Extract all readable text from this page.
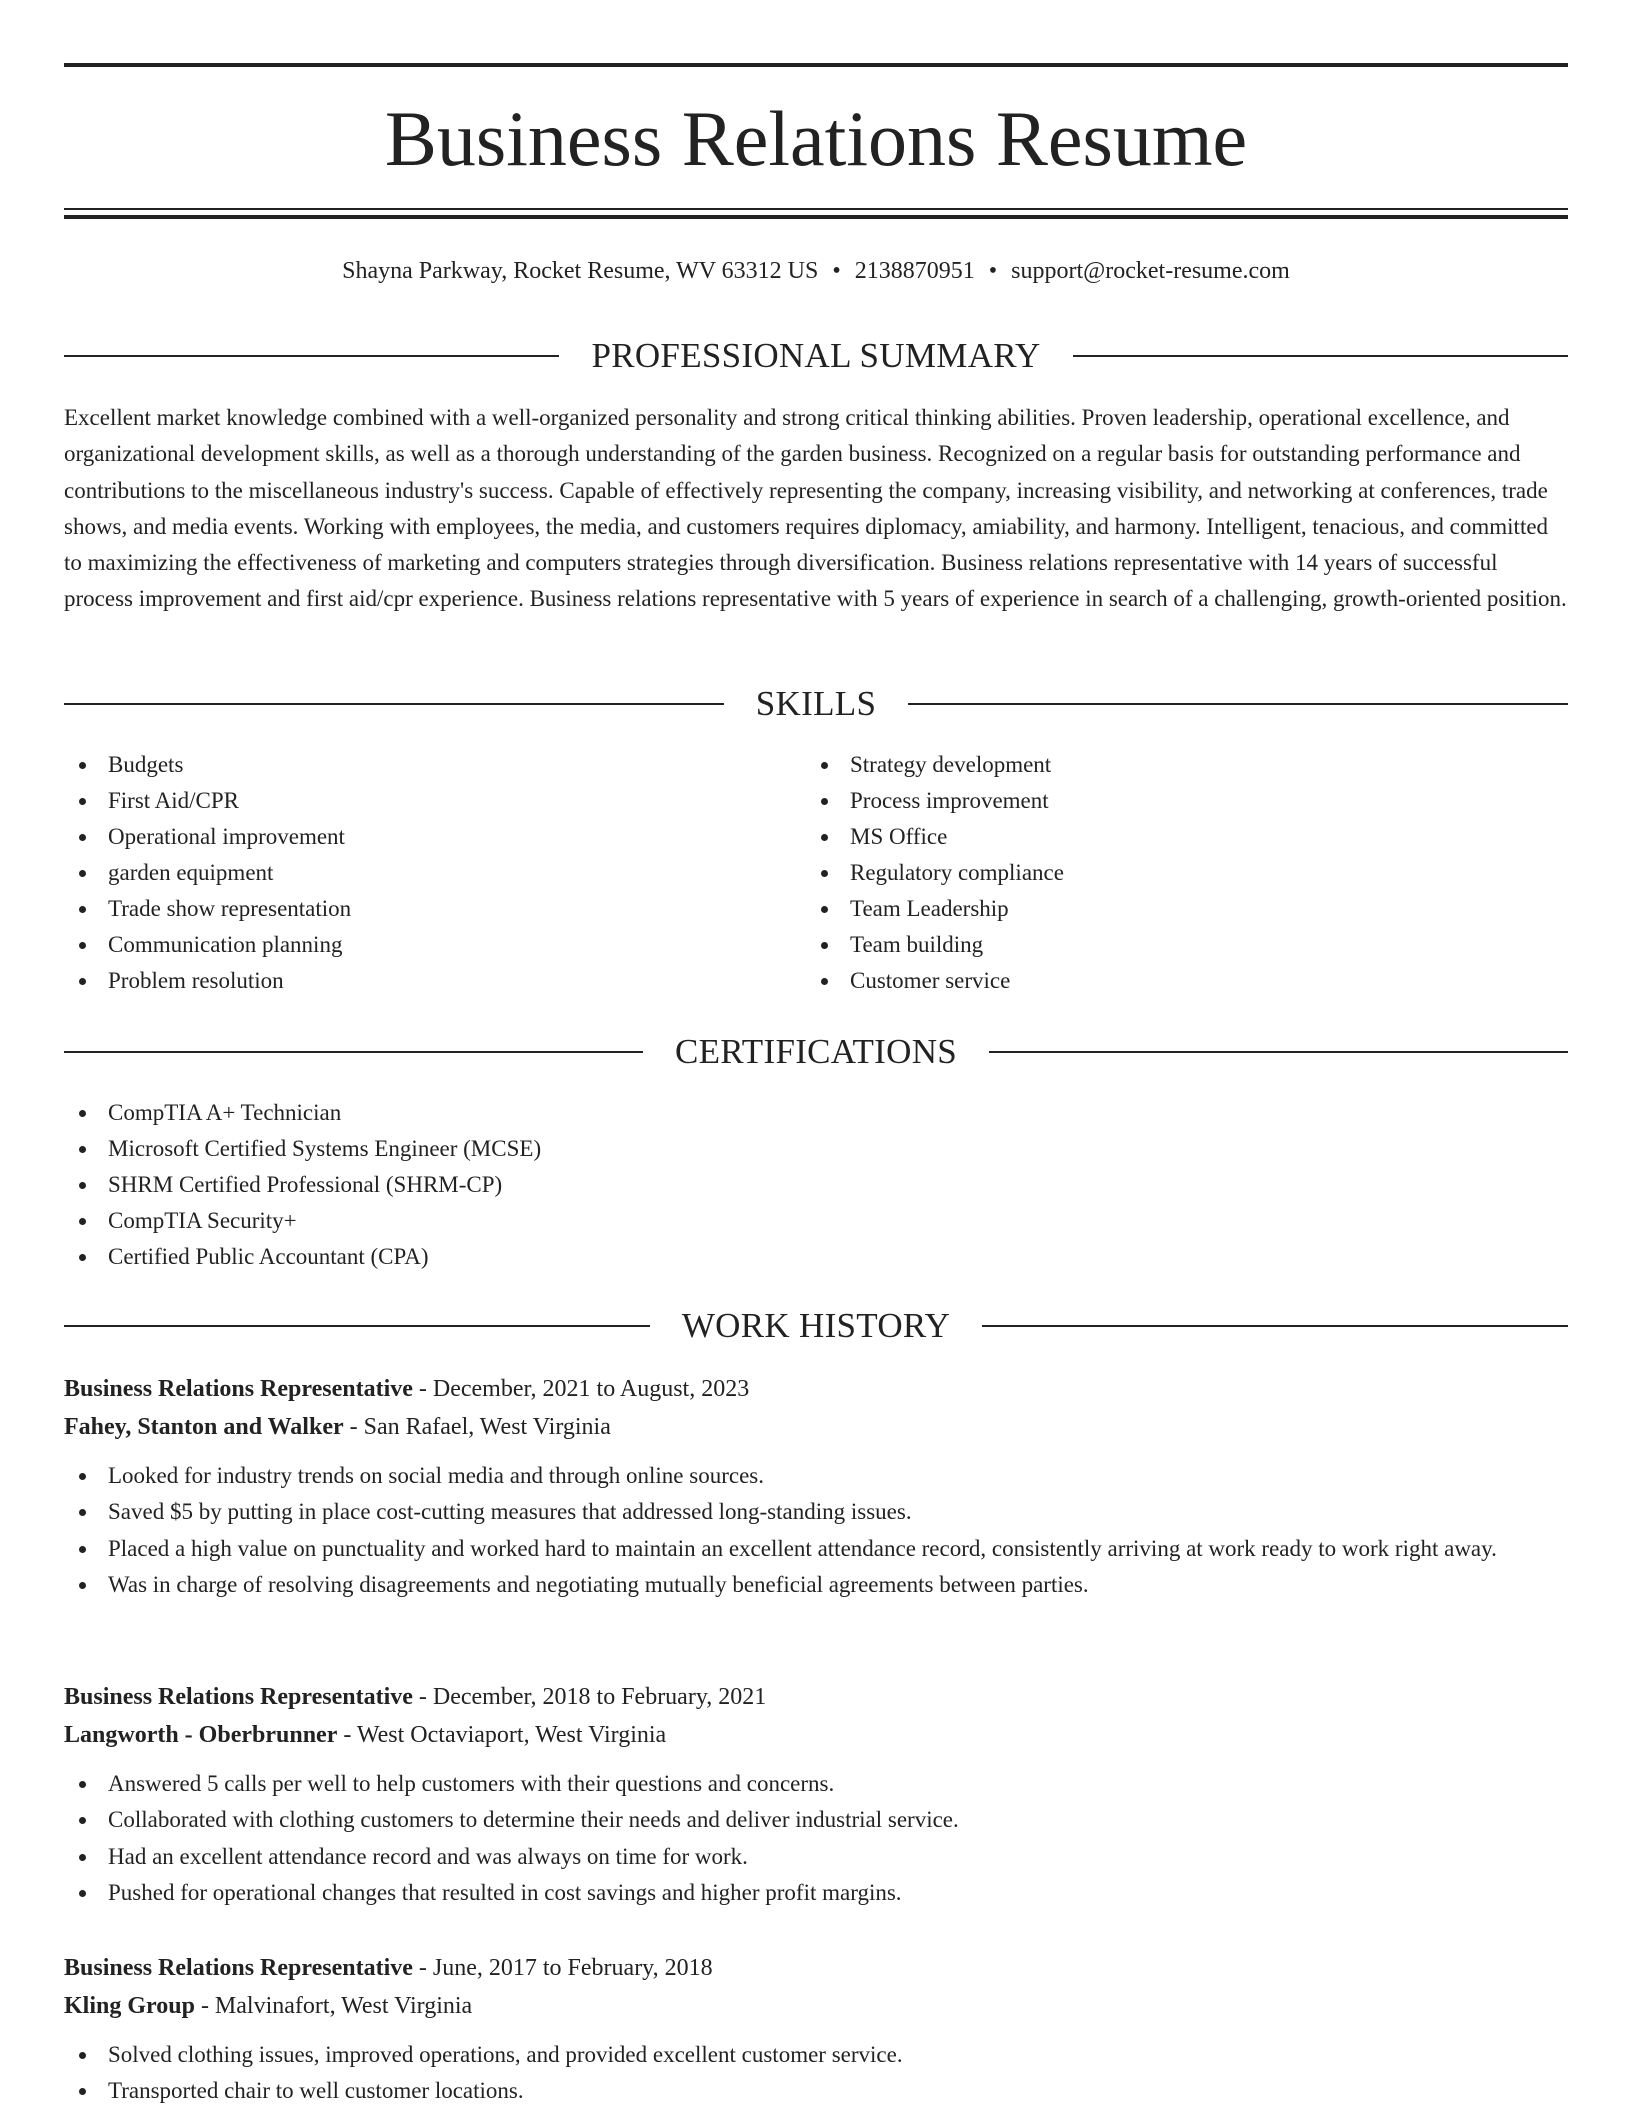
Business Relations Resume
Shayna Parkway, Rocket Resume, WV 63312 US • 2138870951 • support@rocket-resume.com
PROFESSIONAL SUMMARY

Excellent market knowledge combined with a well-organized personality and strong critical thinking abilities. Proven leadership, operational excellence, and organizational development skills, as well as a thorough understanding of the garden business. Recognized on a regular basis for outstanding performance and contributions to the miscellaneous industry's success. Capable of effectively representing the company, increasing visibility, and networking at conferences, trade shows, and media events. Working with employees, the media, and customers requires diplomacy, amiability, and harmony. Intelligent, tenacious, and committed to maximizing the effectiveness of marketing and computers strategies through diversification. Business relations representative with 14 years of successful process improvement and first aid/cpr experience. Business relations representative with 5 years of experience in search of a challenging, growth-oriented position.

SKILLS
Budgets
First Aid/CPR
Operational improvement
garden equipment
Trade show representation
Communication planning
Problem resolution
Strategy development
Process improvement
MS Office
Regulatory compliance
Team Leadership
Team building
Customer service
CERTIFICATIONS
CompTIA A+ Technician
Microsoft Certified Systems Engineer (MCSE)
SHRM Certified Professional (SHRM-CP)
CompTIA Security+
Certified Public Accountant (CPA)
WORK HISTORY

Business Relations Representative - December, 2021 to August, 2023

Fahey, Stanton and Walker - San Rafael, West Virginia

Looked for industry trends on social media and through online sources.
Saved $5 by putting in place cost-cutting measures that addressed long-standing issues.
Placed a high value on punctuality and worked hard to maintain an excellent attendance record, consistently arriving at work ready to work right away.
Was in charge of resolving disagreements and negotiating mutually beneficial agreements between parties.

Business Relations Representative - December, 2018 to February, 2021

Langworth - Oberbrunner - West Octaviaport, West Virginia

Answered 5 calls per well to help customers with their questions and concerns.
Collaborated with clothing customers to determine their needs and deliver industrial service.
Had an excellent attendance record and was always on time for work.
Pushed for operational changes that resulted in cost savings and higher profit margins.

Business Relations Representative - June, 2017 to February, 2018

Kling Group - Malvinafort, West Virginia

Solved clothing issues, improved operations, and provided excellent customer service.
Transported chair to well customer locations.
